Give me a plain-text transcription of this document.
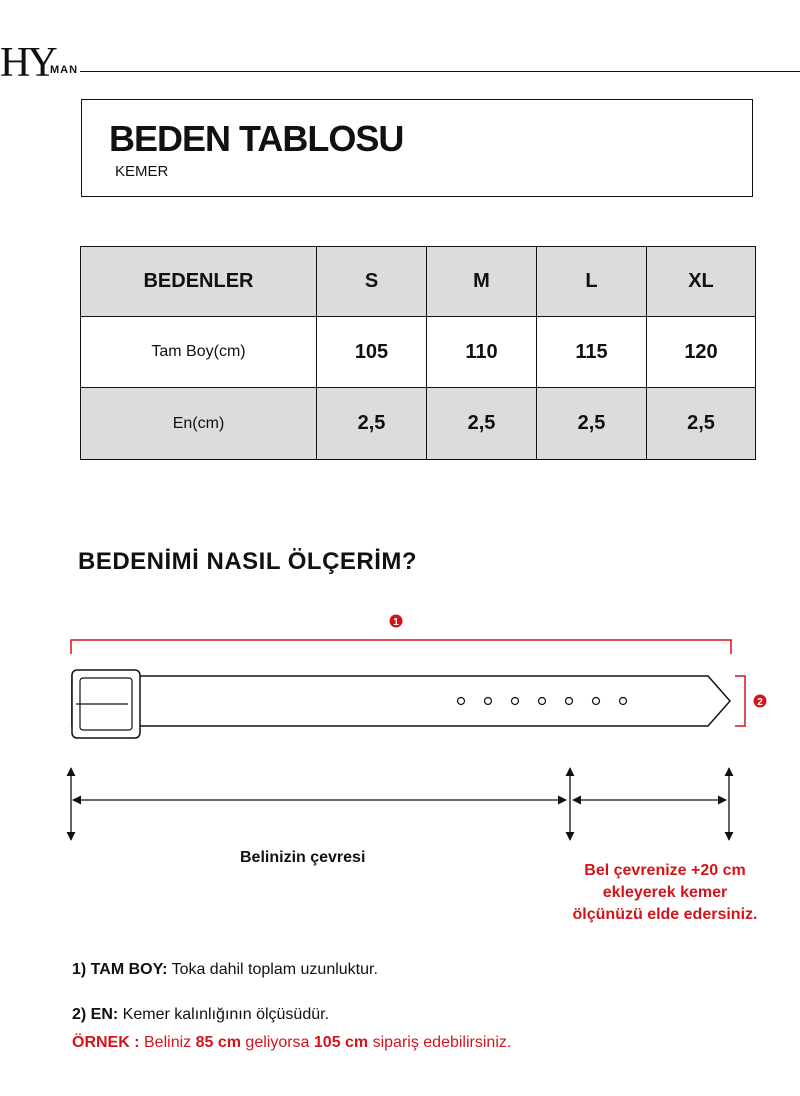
HY
MAN
BEDEN TABLOSU
KEMER
BEDENLER	S	M	L	XL
Tam Boy(cm)	105	110	115	120
En(cm)	2,5	2,5	2,5	2,5
BEDENİMİ NASIL ÖLÇERİM?
1
2
Belinizin çevresi
Bel çevrenize +20 cm
ekleyerek kemer
ölçünüzü elde edersiniz.
1) TAM BOY: Toka dahil toplam uzunluktur.
2) EN: Kemer kalınlığının ölçüsüdür.
ÖRNEK : Beliniz 85 cm geliyorsa 105 cm sipariş edebilirsiniz.
